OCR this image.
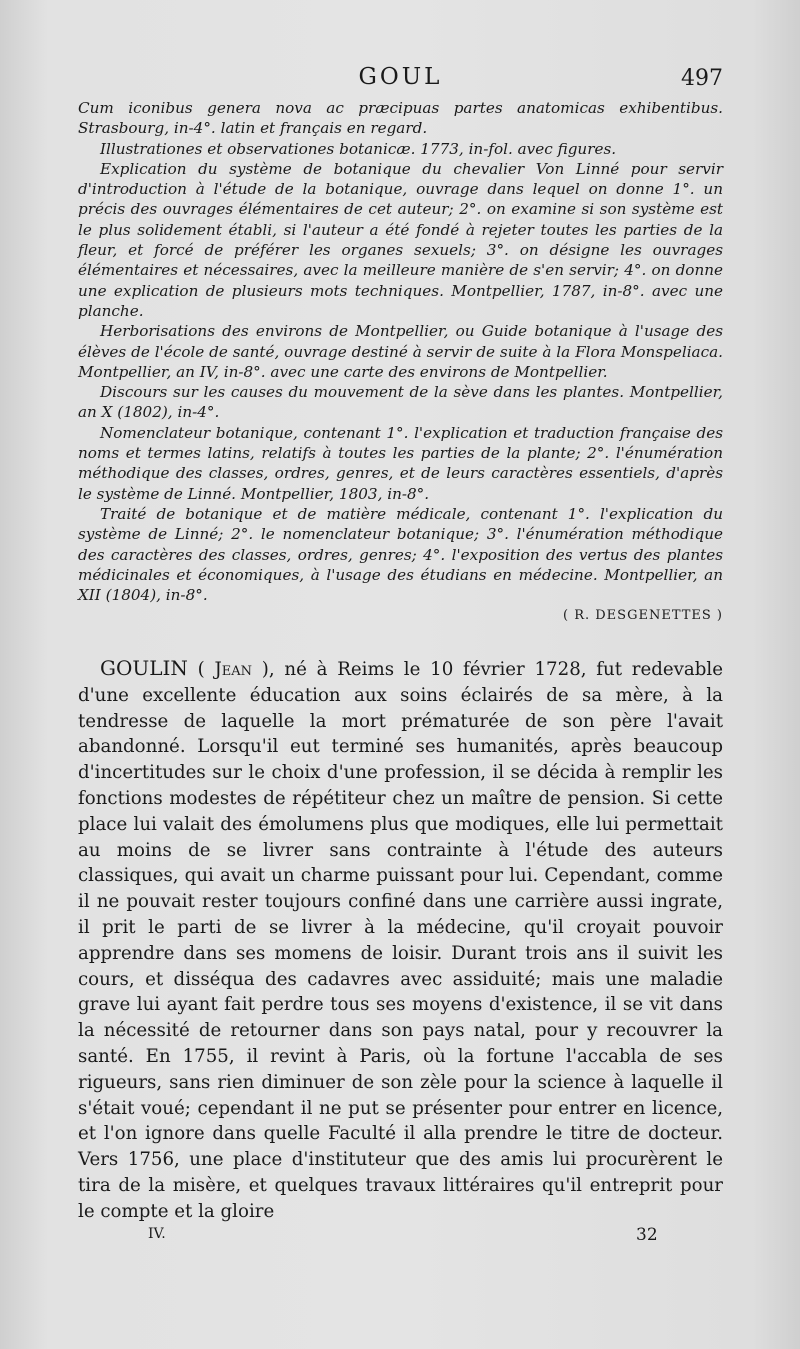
GOUL	497

Cum iconibus genera nova ac præcipuas partes anatomicas exhibentibus. Strasbourg, in-4°. latin et français en regard.

Illustrationes et observationes botanicæ. 1773, in-fol. avec figures.

Explication du système de botanique du chevalier Von Linné pour servir d'introduction à l'étude de la botanique, ouvrage dans lequel on donne 1°. un précis des ouvrages élémentaires de cet auteur; 2°. on examine si son système est le plus solidement établi, si l'auteur a été fondé à rejeter toutes les parties de la fleur, et forcé de préférer les organes sexuels; 3°. on désigne les ouvrages élémentaires et nécessaires, avec la meilleure manière de s'en servir; 4°. on donne une explication de plusieurs mots techniques. Montpellier, 1787, in-8°. avec une planche.

Herborisations des environs de Montpellier, ou Guide botanique à l'usage des élèves de l'école de santé, ouvrage destiné à servir de suite à la Flora Monspeliaca. Montpellier, an IV, in-8°. avec une carte des environs de Montpellier.

Discours sur les causes du mouvement de la sève dans les plantes. Montpellier, an X (1802), in-4°.

Nomenclateur botanique, contenant 1°. l'explication et traduction française des noms et termes latins, relatifs à toutes les parties de la plante; 2°. l'énumération méthodique des classes, ordres, genres, et de leurs caractères essentiels, d'après le système de Linné. Montpellier, 1803, in-8°.

Traité de botanique et de matière médicale, contenant 1°. l'explication du système de Linné; 2°. le nomenclateur botanique; 3°. l'énumération méthodique des caractères des classes, ordres, genres; 4°. l'exposition des vertus des plantes médicinales et économiques, à l'usage des étudians en médecine. Montpellier, an XII (1804), in-8°.

( R. DESGENETTES )

GOULIN ( Jean ), né à Reims le 10 février 1728, fut redevable d'une excellente éducation aux soins éclairés de sa mère, à la tendresse de laquelle la mort prématurée de son père l'avait abandonné. Lorsqu'il eut terminé ses humanités, après beaucoup d'incertitudes sur le choix d'une profession, il se décida à remplir les fonctions modestes de répétiteur chez un maître de pension. Si cette place lui valait des émolumens plus que modiques, elle lui permettait au moins de se livrer sans contrainte à l'étude des auteurs classiques, qui avait un charme puissant pour lui. Cependant, comme il ne pouvait rester toujours confiné dans une carrière aussi ingrate, il prit le parti de se livrer à la médecine, qu'il croyait pouvoir apprendre dans ses momens de loisir. Durant trois ans il suivit les cours, et disséqua des cadavres avec assiduité; mais une maladie grave lui ayant fait perdre tous ses moyens d'existence, il se vit dans la nécessité de retourner dans son pays natal, pour y recouvrer la santé. En 1755, il revint à Paris, où la fortune l'accabla de ses rigueurs, sans rien diminuer de son zèle pour la science à laquelle il s'était voué; cependant il ne put se présenter pour entrer en licence, et l'on ignore dans quelle Faculté il alla prendre le titre de docteur. Vers 1756, une place d'instituteur que des amis lui procurèrent le tira de la misère, et quelques travaux littéraires qu'il entreprit pour le compte et la gloire

IV.	32
